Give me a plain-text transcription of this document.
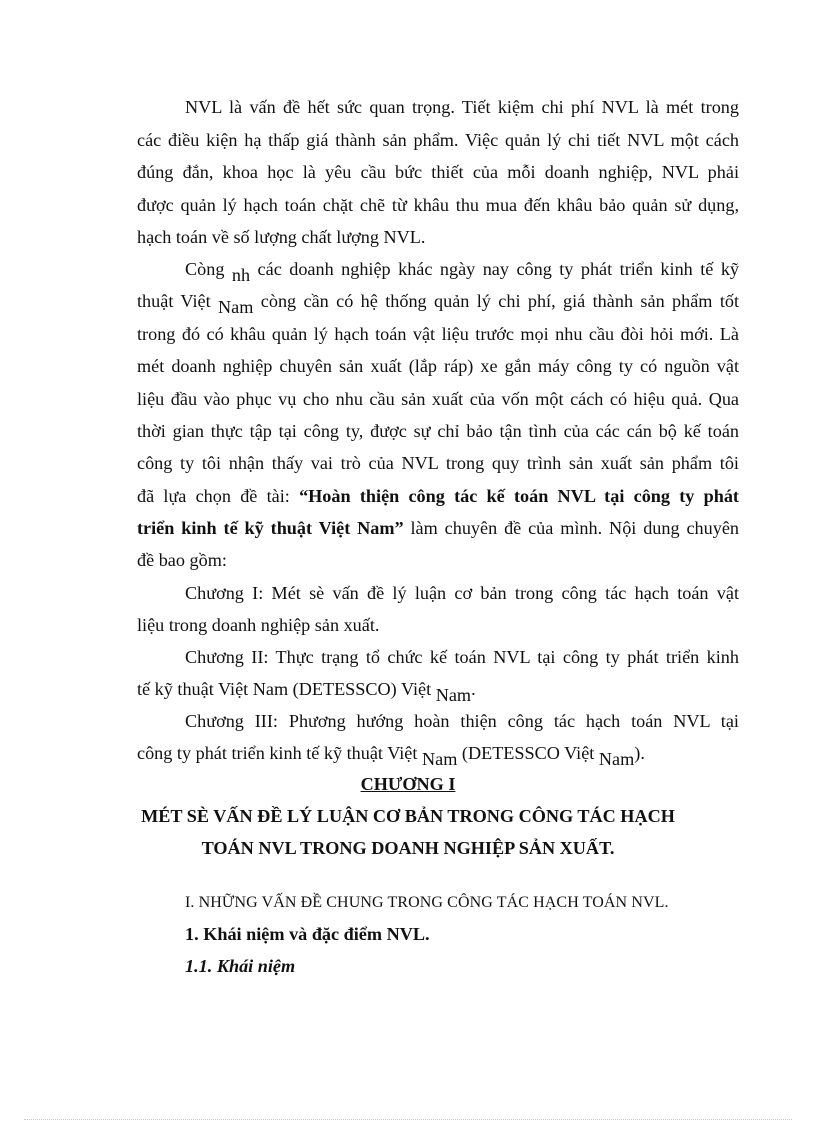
NVL là vấn đề hết sức quan trọng. Tiết kiệm chi phí NVL là mét trong
các điều kiện hạ thấp giá thành sản phẩm. Việc quản lý chi tiết NVL một cách
đúng đắn, khoa học là yêu cầu bức thiết của mỗi doanh nghiệp, NVL phải
được quản lý hạch toán chặt chẽ từ khâu thu mua đến khâu bảo quản sử dụng,
hạch toán về số lượng chất lượng NVL.
Còng nh các doanh nghiệp khác ngày nay công ty phát triển kinh tế kỹ
thuật Việt Nam còng cần có hệ thống quản lý chi phí, giá thành sản phẩm tốt
trong đó có khâu quản lý hạch toán vật liệu trước mọi nhu cầu đòi hỏi mới. Là
mét doanh nghiệp chuyên sản xuất (lắp ráp) xe gắn máy công ty có nguồn vật
liệu đầu vào phục vụ cho nhu cầu sản xuất của vốn một cách có hiệu quả. Qua
thời gian thực tập tại công ty, được sự chỉ bảo tận tình của các cán bộ kế toán
công ty tôi nhận thấy vai trò của NVL trong quy trình sản xuất sản phẩm tôi
đã lựa chọn đề tài: “Hoàn thiện công tác kế toán NVL tại công ty phát
triển kinh tế kỹ thuật Việt Nam” làm chuyên đề của mình. Nội dung chuyên
đề bao gồm:
Chương I: Mét sè vấn đề lý luận cơ bản trong công tác hạch toán vật
liệu trong doanh nghiệp sản xuất.
Chương II: Thực trạng tổ chức kế toán NVL tại công ty phát triển kinh
tế kỹ thuật Việt Nam (DETESSCO) Việt Nam.
Chương III: Phương hướng hoàn thiện công tác hạch toán NVL tại
công ty phát triển kinh tế kỹ thuật Việt Nam (DETESSCO Việt Nam).
CHƯƠNG I
MÉT SÈ VẤN ĐỀ LÝ LUẬN CƠ BẢN TRONG CÔNG TÁC HẠCH
TOÁN NVL TRONG DOANH NGHIỆP SẢN XUẤT.
I. NHỮNG VẤN ĐỀ CHUNG TRONG CÔNG TÁC HẠCH TOÁN NVL.
1. Khái niệm và đặc điểm NVL.
1.1. Khái niệm
